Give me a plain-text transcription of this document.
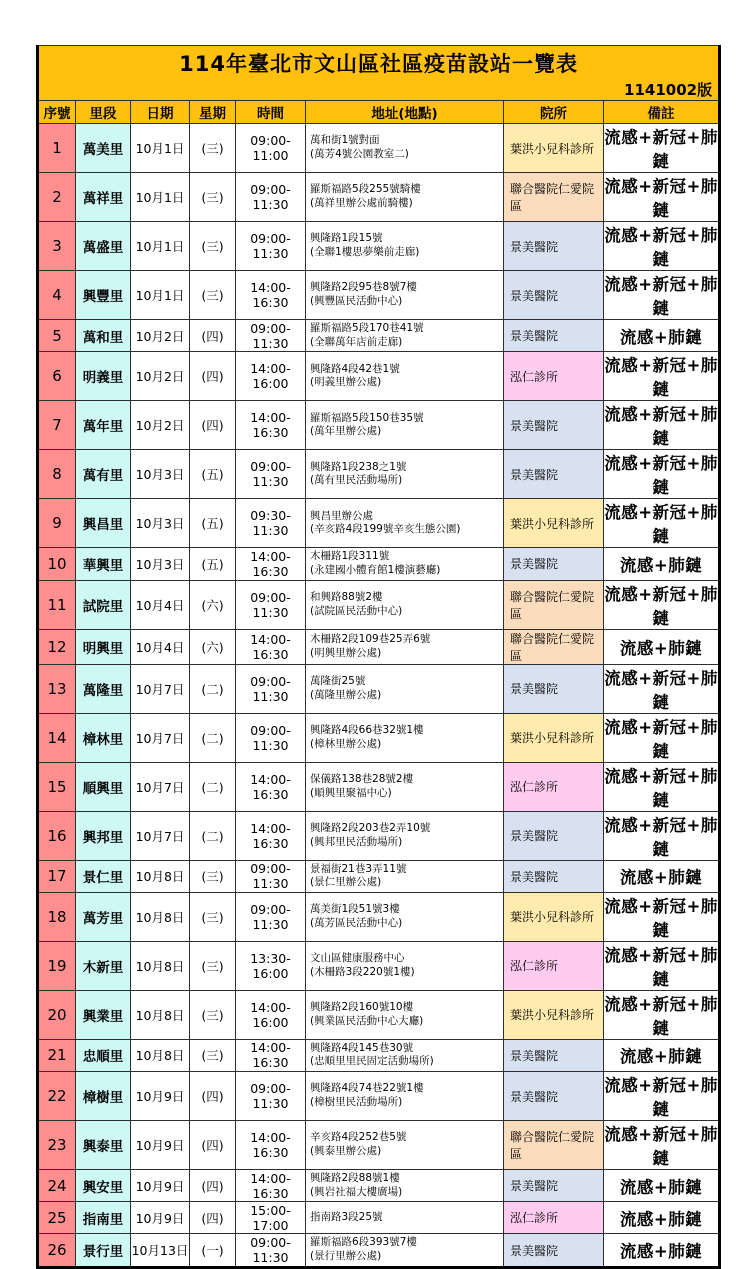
114年臺北市文山區社區疫苗設站一覽表							
1141002版							
序號	里段	日期	星期	時間	地址(地點)	院所	備註
1	萬美里	10月1日	(三)	09:00-11:00	萬和街1號對面
(萬芳4號公園教室二)	葉洪小兒科診所	流感+新冠+肺鏈
2	萬祥里	10月1日	(三)	09:00-11:30	羅斯福路5段255號騎樓
(萬祥里辦公處前騎樓)	聯合醫院仁愛院區	流感+新冠+肺鏈
3	萬盛里	10月1日	(三)	09:00-11:30	興隆路1段15號
(全聯1樓思夢樂前走廊)	景美醫院	流感+新冠+肺鏈
4	興豐里	10月1日	(三)	14:00-16:30	興隆路2段95巷8號7樓
(興豐區民活動中心)	景美醫院	流感+新冠+肺鏈
5	萬和里	10月2日	(四)	09:00-11:30	羅斯福路5段170巷41號
(全聯萬年店前走廊)	景美醫院	流感+肺鏈
6	明義里	10月2日	(四)	14:00-16:00	興隆路4段42巷1號
(明義里辦公處)	泓仁診所	流感+新冠+肺鏈
7	萬年里	10月2日	(四)	14:00-16:30	羅斯福路5段150巷35號
(萬年里辦公處)	景美醫院	流感+新冠+肺鏈
8	萬有里	10月3日	(五)	09:00-11:30	興隆路1段238之1號
(萬有里民活動場所)	景美醫院	流感+新冠+肺鏈
9	興昌里	10月3日	(五)	09:30-11:30	興昌里辦公處
(辛亥路4段199號辛亥生態公園)	葉洪小兒科診所	流感+新冠+肺鏈
10	華興里	10月3日	(五)	14:00-16:30	木柵路1段311號
(永建國小體育館1樓演藝廳)	景美醫院	流感+肺鏈
11	試院里	10月4日	(六)	09:00-11:30	和興路88號2樓
(試院區民活動中心)	聯合醫院仁愛院區	流感+新冠+肺鏈
12	明興里	10月4日	(六)	14:00-16:30	木柵路2段109巷25弄6號
(明興里辦公處)	聯合醫院仁愛院區	流感+肺鏈
13	萬隆里	10月7日	(二)	09:00-11:30	萬隆街25號
(萬隆里辦公處)	景美醫院	流感+新冠+肺鏈
14	樟林里	10月7日	(二)	09:00-11:30	興隆路4段66巷32號1樓
(樟林里辦公處)	葉洪小兒科診所	流感+新冠+肺鏈
15	順興里	10月7日	(二)	14:00-16:30	保儀路138巷28號2樓
(順興里聚福中心)	泓仁診所	流感+新冠+肺鏈
16	興邦里	10月7日	(二)	14:00-16:30	興隆路2段203巷2弄10號
(興邦里民活動場所)	景美醫院	流感+新冠+肺鏈
17	景仁里	10月8日	(三)	09:00-11:30	景福街21巷3弄11號
(景仁里辦公處)	景美醫院	流感+肺鏈
18	萬芳里	10月8日	(三)	09:00-11:30	萬美街1段51號3樓
(萬芳區民活動中心)	葉洪小兒科診所	流感+新冠+肺鏈
19	木新里	10月8日	(三)	13:30-16:00	文山區健康服務中心
(木柵路3段220號1樓)	泓仁診所	流感+新冠+肺鏈
20	興業里	10月8日	(三)	14:00-16:00	興隆路2段160號10樓
(興業區民活動中心大廳)	葉洪小兒科診所	流感+新冠+肺鏈
21	忠順里	10月8日	(三)	14:00-16:30	興隆路4段145巷30號
(忠順里里民固定活動場所)	景美醫院	流感+肺鏈
22	樟樹里	10月9日	(四)	09:00-11:30	興隆路4段74巷22號1樓
(樟樹里民活動場所)	景美醫院	流感+新冠+肺鏈
23	興泰里	10月9日	(四)	14:00-16:30	辛亥路4段252巷5號
(興泰里辦公處)	聯合醫院仁愛院區	流感+新冠+肺鏈
24	興安里	10月9日	(四)	14:00-16:30	興隆路2段88號1樓
(興岩社福大樓廣場)	景美醫院	流感+肺鏈
25	指南里	10月9日	(四)	15:00-17:00	指南路3段25號	泓仁診所	流感+肺鏈
26	景行里	10月13日	(一)	09:00-11:30	羅斯福路6段393號7樓
(景行里辦公處)	景美醫院	流感+肺鏈
